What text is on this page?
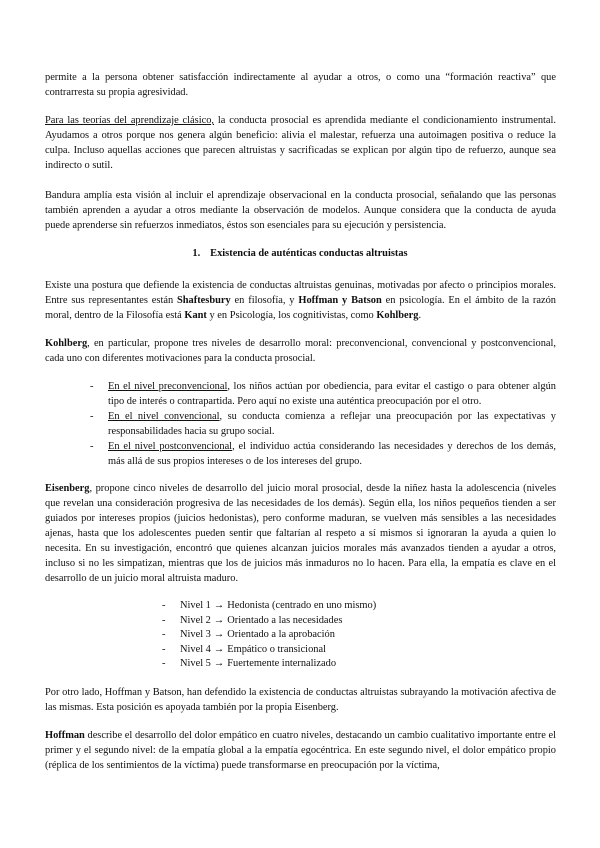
permite a la persona obtener satisfacción indirectamente al ayudar a otros, o como una “formación reactiva” que contrarresta su propia agresividad.

Para las teorías del aprendizaje clásico, la conducta prosocial es aprendida mediante el condicionamiento instrumental. Ayudamos a otros porque nos genera algún beneficio: alivia el malestar, refuerza una autoimagen positiva o reduce la culpa. Incluso aquellas acciones que parecen altruistas y sacrificadas se explican por algún tipo de refuerzo, aunque sea indirecto o sutil.

Bandura amplía esta visión al incluir el aprendizaje observacional en la conducta prosocial, señalando que las personas también aprenden a ayudar a otros mediante la observación de modelos. Aunque considera que la conducta de ayuda puede aprenderse sin refuerzos inmediatos, éstos son esenciales para su ejecución y persistencia.

1. Existencia de auténticas conductas altruistas

Existe una postura que defiende la existencia de conductas altruistas genuinas, motivadas por afecto o principios morales. Entre sus representantes están Shaftesbury en filosofía, y Hoffman y Batson en psicología. En el ámbito de la razón moral, dentro de la Filosofía está Kant y en Psicología, los cognitivistas, como Kohlberg.

Kohlberg, en particular, propone tres niveles de desarrollo moral: preconvencional, convencional y postconvencional, cada uno con diferentes motivaciones para la conducta prosocial.

- En el nivel preconvencional, los niños actúan por obediencia, para evitar el castigo o para obtener algún tipo de interés o contrapartida. Pero aquí no existe una auténtica preocupación por el otro.
- En el nivel convencional, su conducta comienza a reflejar una preocupación por las expectativas y responsabilidades hacia su grupo social.
- En el nivel postconvencional, el individuo actúa considerando las necesidades y derechos de los demás, más allá de sus propios intereses o de los intereses del grupo.

Eisenberg, propone cinco niveles de desarrollo del juicio moral prosocial, desde la niñez hasta la adolescencia (niveles que revelan una consideración progresiva de las necesidades de los demás). Según ella, los niños pequeños tienden a ser guiados por intereses propios (juicios hedonistas), pero conforme maduran, se vuelven más sensibles a las necesidades ajenas, hasta que los adolescentes pueden sentir que faltarían al respeto a sí mismos si ignoraran la ayuda a quien lo necesita. En su investigación, encontró que quienes alcanzan juicios morales más avanzados tienden a ayudar a otros, incluso si no les simpatizan, mientras que los de juicios más inmaduros no lo hacen. Para ella, la empatía es clave en el desarrollo de un juicio moral altruista maduro.

- Nivel 1 → Hedonista (centrado en uno mismo)
- Nivel 2 → Orientado a las necesidades
- Nivel 3 → Orientado a la aprobación
- Nivel 4 → Empático o transicional
- Nivel 5 → Fuertemente internalizado

Por otro lado, Hoffman y Batson, han defendido la existencia de conductas altruistas subrayando la motivación afectiva de las mismas. Esta posición es apoyada también por la propia Eisenberg.

Hoffman describe el desarrollo del dolor empático en cuatro niveles, destacando un cambio cualitativo importante entre el primer y el segundo nivel: de la empatía global a la empatía egocéntrica. En este segundo nivel, el dolor empático propio (réplica de los sentimientos de la víctima) puede transformarse en preocupación por la víctima,
